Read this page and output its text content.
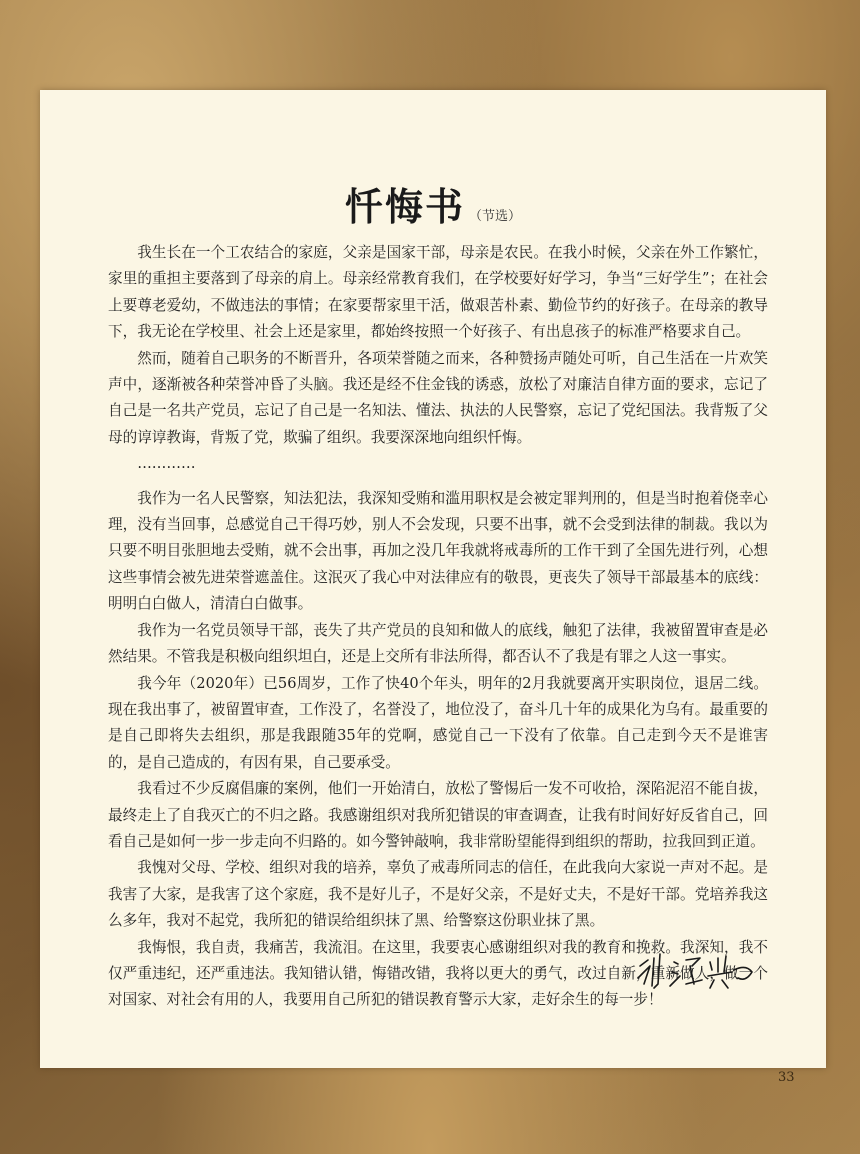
忏悔书 （节选）

我生长在一个工农结合的家庭，父亲是国家干部，母亲是农民。在我小时候，父亲在外工作繁忙，家里的重担主要落到了母亲的肩上。母亲经常教育我们，在学校要好好学习，争当“三好学生”；在社会上要尊老爱幼，不做违法的事情；在家要帮家里干活，做艰苦朴素、勤俭节约的好孩子。在母亲的教导下，我无论在学校里、社会上还是家里，都始终按照一个好孩子、有出息孩子的标准严格要求自己。

然而，随着自己职务的不断晋升，各项荣誉随之而来，各种赞扬声随处可听，自己生活在一片欢笑声中，逐渐被各种荣誉冲昏了头脑。我还是经不住金钱的诱惑，放松了对廉洁自律方面的要求，忘记了自己是一名共产党员，忘记了自己是一名知法、懂法、执法的人民警察，忘记了党纪国法。我背叛了父母的谆谆教诲，背叛了党，欺骗了组织。我要深深地向组织忏悔。

…………

我作为一名人民警察，知法犯法，我深知受贿和滥用职权是会被定罪判刑的，但是当时抱着侥幸心理，没有当回事，总感觉自己干得巧妙，别人不会发现，只要不出事，就不会受到法律的制裁。我以为只要不明目张胆地去受贿，就不会出事，再加之没几年我就将戒毒所的工作干到了全国先进行列，心想这些事情会被先进荣誉遮盖住。这泯灭了我心中对法律应有的敬畏，更丧失了领导干部最基本的底线：明明白白做人，清清白白做事。

我作为一名党员领导干部，丧失了共产党员的良知和做人的底线，触犯了法律，我被留置审查是必然结果。不管我是积极向组织坦白，还是上交所有非法所得，都否认不了我是有罪之人这一事实。

我今年（2020年）已56周岁，工作了快40个年头，明年的2月我就要离开实职岗位，退居二线。现在我出事了，被留置审查，工作没了，名誉没了，地位没了，奋斗几十年的成果化为乌有。最重要的是自己即将失去组织，那是我跟随35年的党啊，感觉自己一下没有了依靠。自己走到今天不是谁害的，是自己造成的，有因有果，自己要承受。

我看过不少反腐倡廉的案例，他们一开始清白，放松了警惕后一发不可收拾，深陷泥沼不能自拔，最终走上了自我灭亡的不归之路。我感谢组织对我所犯错误的审查调查，让我有时间好好反省自己，回看自己是如何一步一步走向不归路的。如今警钟敲响，我非常盼望能得到组织的帮助，拉我回到正道。

我愧对父母、学校、组织对我的培养，辜负了戒毒所同志的信任，在此我向大家说一声对不起。是我害了大家，是我害了这个家庭，我不是好儿子，不是好父亲，不是好丈夫，不是好干部。党培养我这么多年，我对不起党，我所犯的错误给组织抹了黑、给警察这份职业抹了黑。

我悔恨，我自责，我痛苦，我流泪。在这里，我要衷心感谢组织对我的教育和挽救。我深知，我不仅严重违纪，还严重违法。我知错认错，悔错改错，我将以更大的勇气，改过自新，重新做人，做一个对国家、对社会有用的人，我要用自己所犯的错误教育警示大家，走好余生的每一步！

33
